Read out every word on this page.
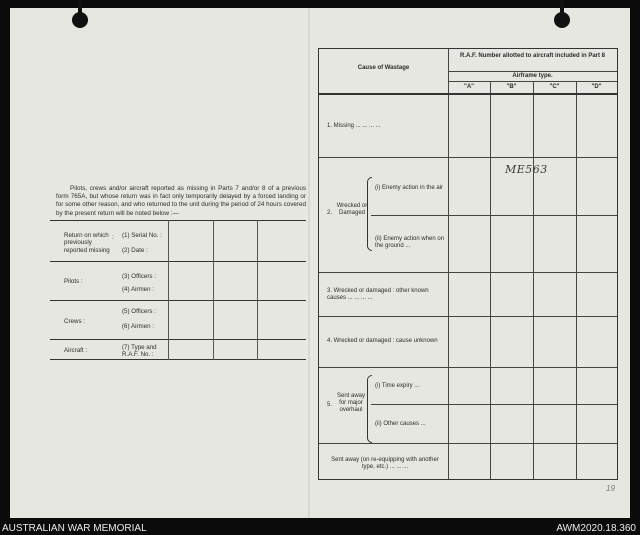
Pilots, crews and/or aircraft reported as missing in Parts 7 and/or 8 of a previous form 765A, but whose return was in fact only temporarily delayed by a forced landing or for some other reason, and who returned to the unit during the period of 24 hours covered by the present return will be noted below :—
Return on which previously reported missing
: (1) Serial No. :
(2) Date :
Pilots :
(3) Officers :
(4) Airmen :
Crews :
(5) Officers :
(6) Airmen :
Aircraft :	(7) Type and R.A.F. No. :
Cause of Wastage
R.A.F. Number allotted to aircraft included in Part 8
Airframe type.
"A"	"B"	"C"	"D"
1. Missing ... ... ... ...
2.
Wrecked or Damaged
(i) Enemy action in the air
(ii) Enemy action when on the ground ...
3. Wrecked or damaged : other known causes ... ... ... ...
4. Wrecked or damaged : cause unknown
5.
Sent away for major overhaul
(i) Time expiry ...
(ii) Other causes ...
Sent away (on re-equipping with another type, etc.) ... ... ...
ME563
19
AUSTRALIAN WAR MEMORIAL	AWM2020.18.360
